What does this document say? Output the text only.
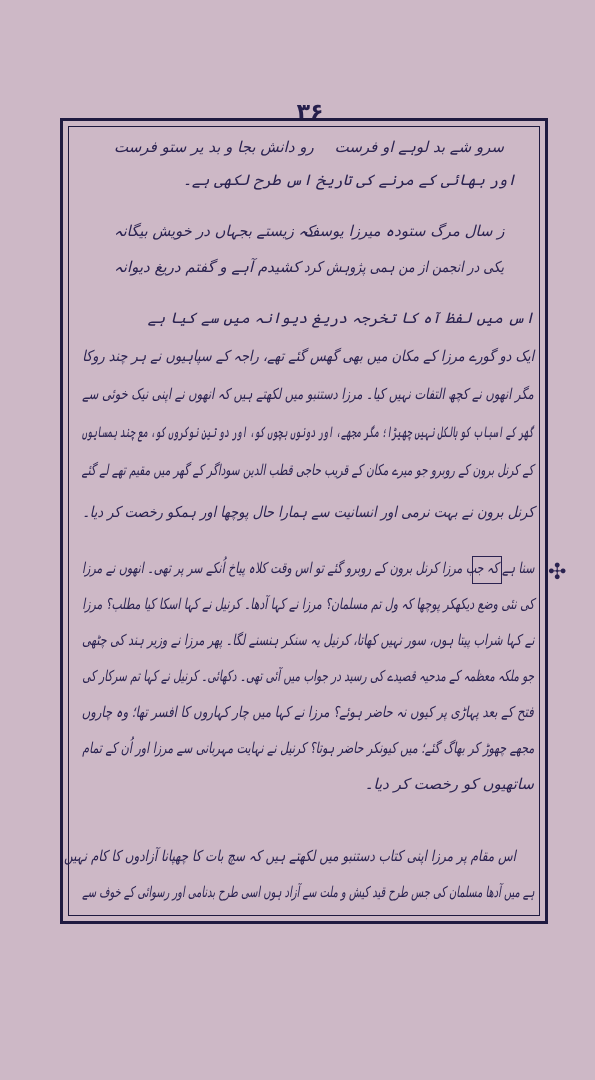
۳۶
سرو شے بد لوہے او فرست
رو دانش بجا و بد یر ستو فرست
اور بھائی کے مرنے کی تاریخ اس طرح لکھی ہے۔
ز سال مرگ ستودہ میرزا یوسف
کہ زیستے بجہاں در خویش بیگانہ
یکی در انجمن از من ہمی پژوہش کرد
کشیدم آہے و گفتم دریغ دیوانہ
اس میں لفظ آہ کا تخرجہ دریغ دیوانہ میں سے کیا ہے
ایک دو گورے مرزا کے مکان میں بھی گھس گئے تھے، راجہ کے سپاہیوں نے ہر چند روکا
مگر انھوں نے کچھ التفات نہیں کیا۔ مرزا دستنبو میں لکھتے ہیں کہ انھوں نے اپنی نیک خوئی سے
گھر کے اسباب کو بالکل نہیں چھیڑا؛ مگر مجھے، اور دونوں بچوں کو، اور دو تین نوکروں کو، مع چند ہمسایوں
کے کرنل برون کے روبرو جو میرے مکان کے قریب حاجی قطب الدین سوداگر کے گھر میں مقیم تھے لے گئے
کرنل برون نے بہت نرمی اور انسانیت سے ہمارا حال پوچھا اور ہمکو رخصت کر دیا۔
✣
سنا ہے کہ جب مرزا کرنل برون کے روبرو گئے تو اس وقت کلاہ پیاخ اُنکے سر پر تھی۔ انھوں نے مرزا
کی نئی وضع دیکھکر پوچھا کہ ول تم مسلمان؟ مرزا نے کہا آدھا۔ کرنیل نے کہا اسکا کیا مطلب؟ مرزا
نے کہا شراب پیتا ہوں، سور نہیں کھاتا، کرنیل یہ سنکر ہنسنے لگا۔ پھر مرزا نے وزیر ہند کی چٹھی
جو ملکہ معظمہ کے مدحیہ قصیدے کی رسید در جواب میں آئی تھی۔ دکھائی۔ کرنیل نے کہا تم سرکار کی
فتح کے بعد پہاڑی پر کیوں نہ حاضر ہوئے؟ مرزا نے کہا میں چار کہاروں کا افسر تھا؛ وہ چاروں
مجھے چھوڑ کر بھاگ گئے؛ میں کیونکر حاضر ہوتا؟ کرنیل نے نہایت مہربانی سے مرزا اور اُن کے تمام
ساتھیوں کو رخصت کر دیا۔
اس مقام پر مرزا اپنی کتاب دستنبو میں لکھتے ہیں کہ سچ بات کا چھپانا آزادوں کا کام نہیں
ہے میں آدھا مسلمان کی جس طرح قید کیش و ملت سے آزاد ہوں اسی طرح بدنامی اور رسوائی کے خوف سے
